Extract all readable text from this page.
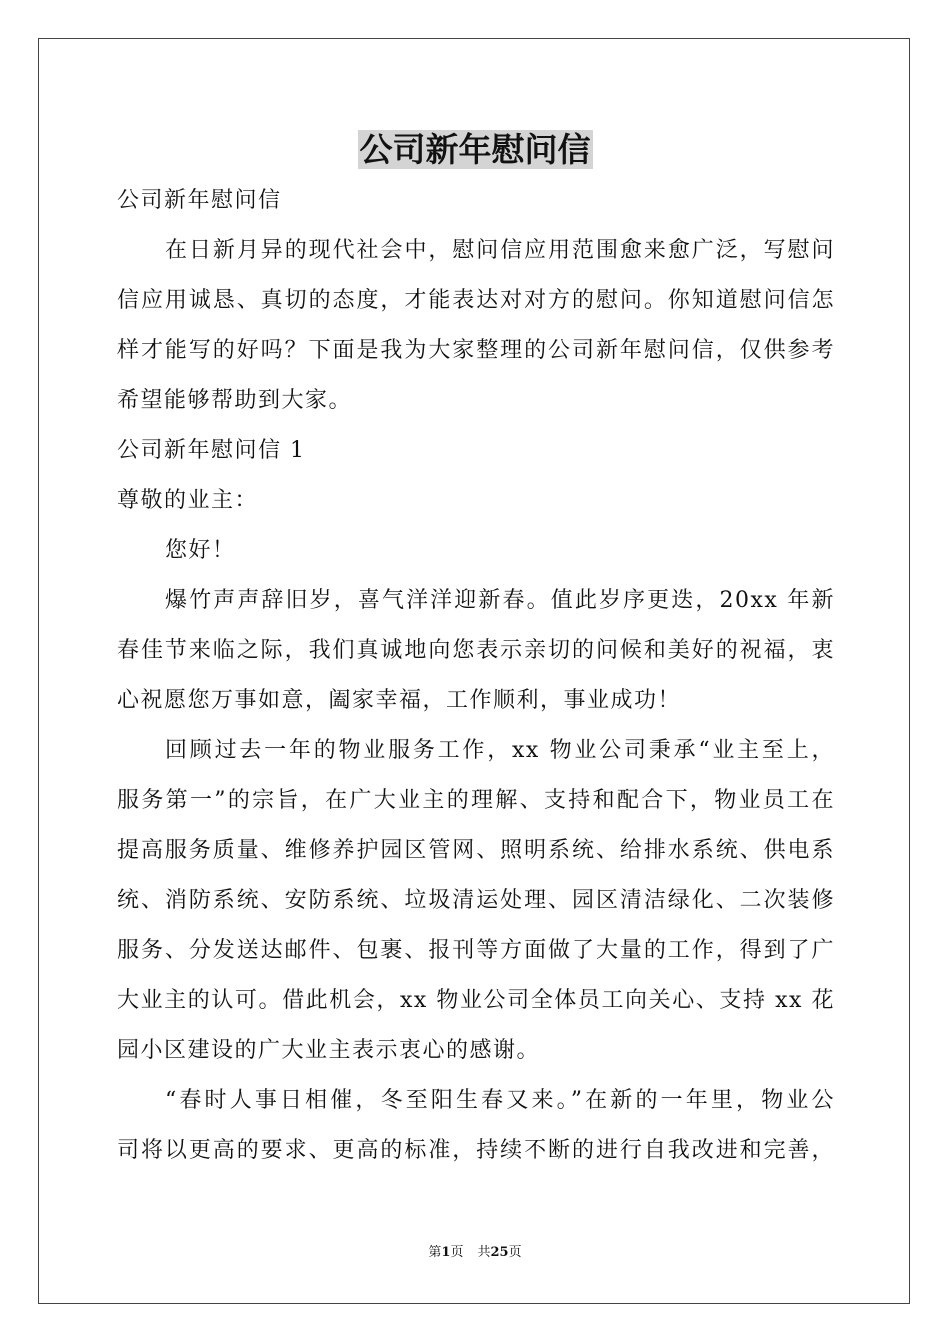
公司新年慰问信
公司新年慰问信
在日新月异的现代社会中，慰问信应用范围愈来愈广泛，写慰问
信应用诚恳、真切的态度，才能表达对对方的慰问。你知道慰问信怎
样才能写的好吗？下面是我为大家整理的公司新年慰问信，仅供参考
希望能够帮助到大家。
公司新年慰问信 1
尊敬的业主：
您好！
爆竹声声辞旧岁，喜气洋洋迎新春。值此岁序更迭，20xx 年新
春佳节来临之际，我们真诚地向您表示亲切的问候和美好的祝福，衷
心祝愿您万事如意，阖家幸福，工作顺利，事业成功！
回顾过去一年的物业服务工作，xx 物业公司秉承“业主至上，
服务第一”的宗旨，在广大业主的理解、支持和配合下，物业员工在
提高服务质量、维修养护园区管网、照明系统、给排水系统、供电系
统、消防系统、安防系统、垃圾清运处理、园区清洁绿化、二次装修
服务、分发送达邮件、包裹、报刊等方面做了大量的工作，得到了广
大业主的认可。借此机会，xx 物业公司全体员工向关心、支持 xx 花
园小区建设的广大业主表示衷心的感谢。
“春时人事日相催，冬至阳生春又来。”在新的一年里，物业公
司将以更高的要求、更高的标准，持续不断的进行自我改进和完善，
第1页 共25页
